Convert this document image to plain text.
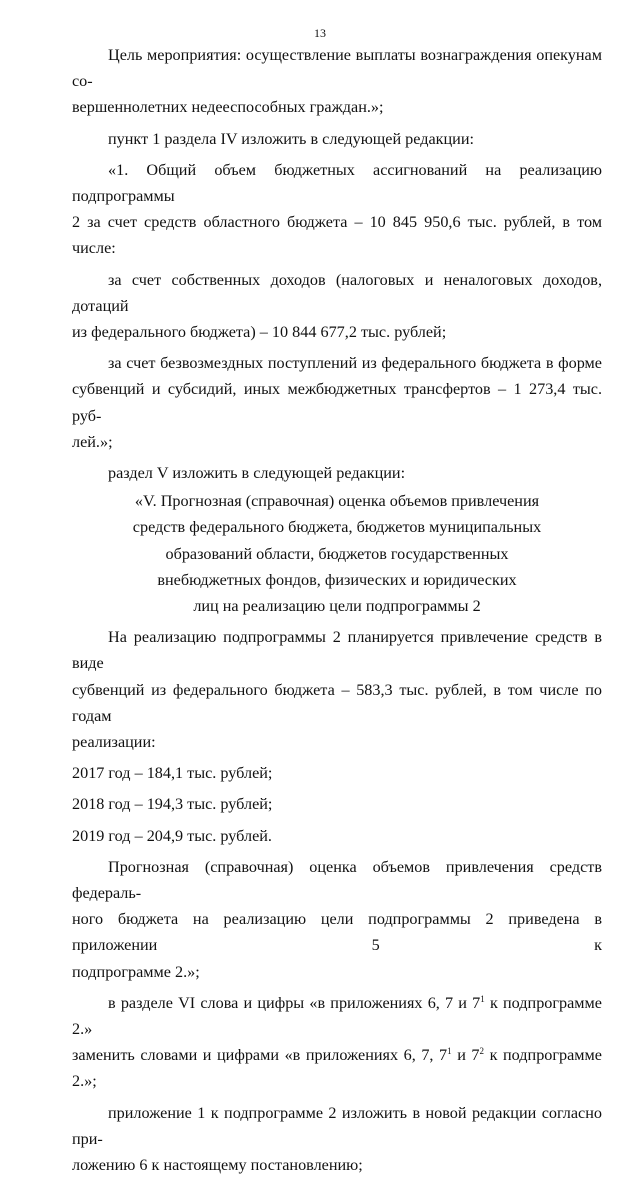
13

Цель мероприятия: осуществление выплаты вознаграждения опекунам со-

вершеннолетних недееспособных граждан.»;

пункт 1 раздела IV изложить в следующей редакции:

«1. Общий объем бюджетных ассигнований на реализацию подпрограммы

2 за счет средств областного бюджета – 10 845 950,6 тыс. рублей, в том числе:

за счет собственных доходов (налоговых и неналоговых доходов, дотаций

из федерального бюджета) – 10 844 677,2 тыс. рублей;

за счет безвозмездных поступлений из федерального бюджета в форме

субвенций и субсидий, иных межбюджетных трансфертов – 1 273,4 тыс. руб-

лей.»;

раздел V изложить в следующей редакции:

«V. Прогнозная (справочная) оценка объемов привлечения
средств федерального бюджета, бюджетов муниципальных
образований области, бюджетов государственных
внебюджетных фондов, физических и юридических
лиц на реализацию цели подпрограммы 2

На реализацию подпрограммы 2 планируется привлечение средств в виде

субвенций из федерального бюджета – 583,3 тыс. рублей, в том числе по годам

реализации:

2017 год – 184,1 тыс. рублей;

2018 год – 194,3 тыс. рублей;

2019 год – 204,9 тыс. рублей.

Прогнозная (справочная) оценка объемов привлечения средств федераль-

ного бюджета на реализацию цели подпрограммы 2 приведена в приложении 5 к

подпрограмме 2.»;

в разделе VI слова и цифры «в приложениях 6, 7 и $7^1$ к подпрограмме 2.»

заменить словами и цифрами «в приложениях 6, 7, $7^1$ и $7^2$ к подпрограмме 2.»;

приложение 1 к подпрограмме 2 изложить в новой редакции согласно при-

ложению 6 к настоящему постановлению;
